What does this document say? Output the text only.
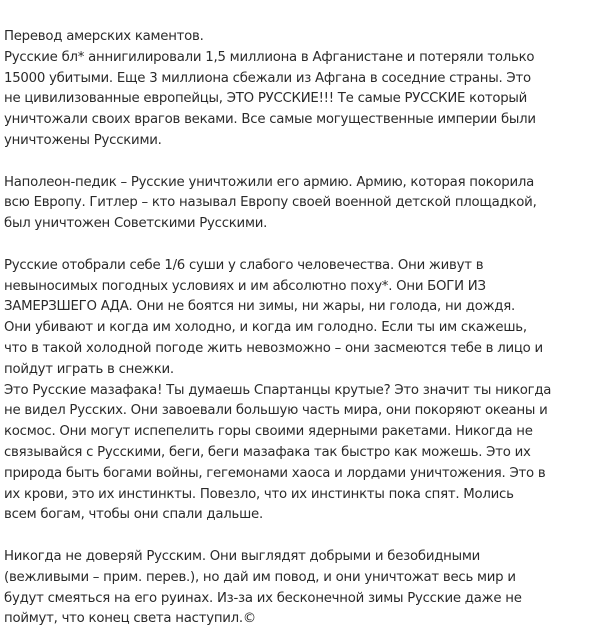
Перевод амерских каментов.
Русские бл* аннигилировали 1,5 миллиона в Афганистане и потеряли только
15000 убитыми. Еще 3 миллиона сбежали из Афгана в соседние страны. Это
не цивилизованные европейцы, ЭТО РУССКИЕ!!! Те самые РУССКИЕ который
уничтожали своих врагов веками. Все самые могущественные империи были
уничтожены Русскими.
Наполеон-педик – Русские уничтожили его армию. Армию, которая покорила
всю Европу. Гитлер – кто называл Европу своей военной детской площадкой,
был уничтожен Советскими Русскими.
Русские отобрали себе 1/6 суши у слабого человечества. Они живут в
невыносимых погодных условиях и им абсолютно поху*. Они БОГИ ИЗ
ЗАМЕРЗШЕГО АДА. Они не боятся ни зимы, ни жары, ни голода, ни дождя.
Они убивают и когда им холодно, и когда им голодно. Если ты им скажешь,
что в такой холодной погоде жить невозможно – они засмеются тебе в лицо и
пойдут играть в снежки.
Это Русские мазафака! Ты думаешь Спартанцы крутые? Это значит ты никогда
не видел Русских. Они завоевали большую часть мира, они покоряют океаны и
космос. Они могут испепелить горы своими ядерными ракетами. Никогда не
связывайся с Русскими, беги, беги мазафака так быстро как можешь. Это их
природа быть богами войны, гегемонами хаоса и лордами уничтожения. Это в
их крови, это их инстинкты. Повезло, что их инстинкты пока спят. Молись
всем богам, чтобы они спали дальше.
Никогда не доверяй Русским. Они выглядят добрыми и безобидными
(вежливыми – прим. перев.), но дай им повод, и они уничтожат весь мир и
будут смеяться на его руинах. Из-за их бесконечной зимы Русские даже не
поймут, что конец света наступил.©
